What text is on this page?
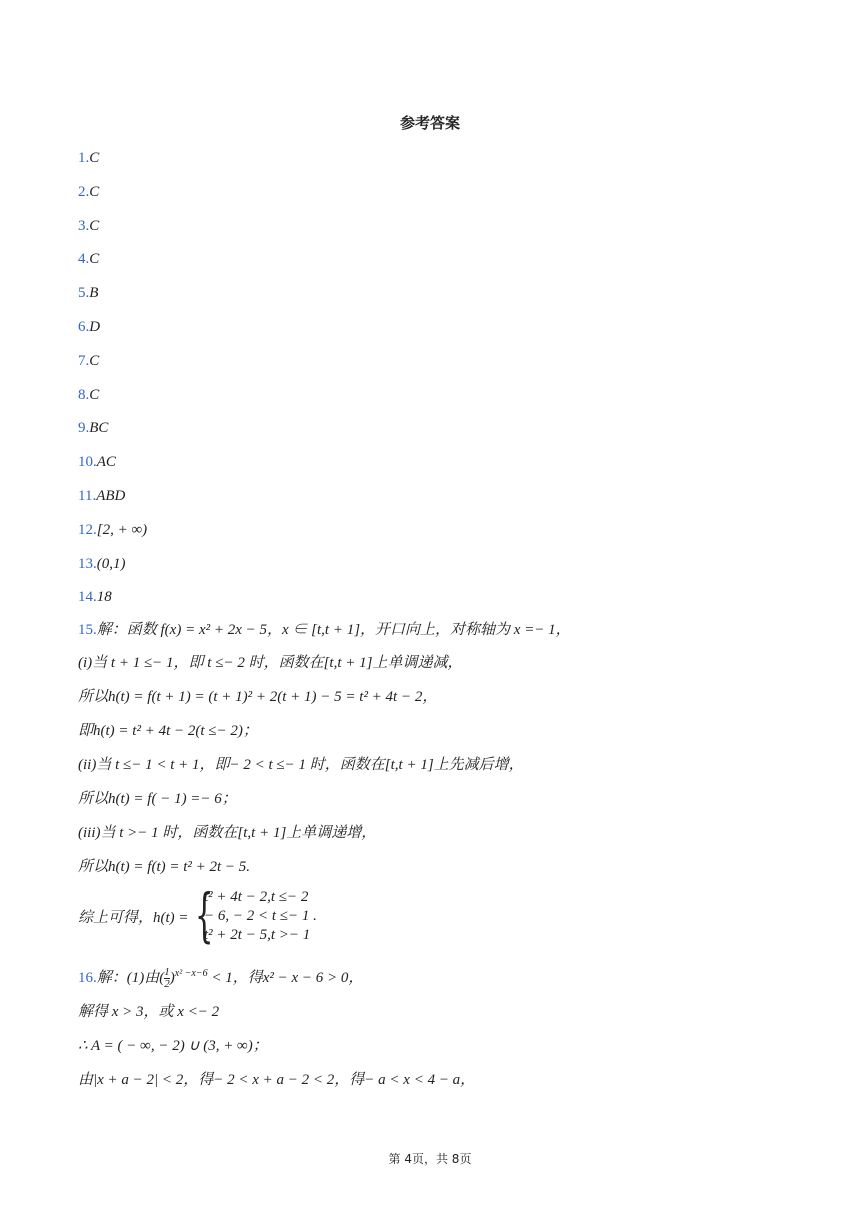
参考答案
1.C
2.C
3.C
4.C
5.B
6.D
7.C
8.C
9.BC
10.AC
11.ABD
12.[2, + ∞)
13.(0,1)
14.18
15.解：函数 f(x) = x² + 2x − 5，x ∈ [t,t + 1]，开口向上，对称轴为 x =− 1，
(i)当 t + 1 ≤− 1，即 t ≤− 2 时，函数在[t,t + 1]上单调递减，
所以h(t) = f(t + 1) = (t + 1)² + 2(t + 1) − 5 = t² + 4t − 2，
即h(t) = t² + 4t − 2(t ≤− 2)；
(ii)当 t ≤− 1 < t + 1，即− 2 < t ≤− 1 时，函数在[t,t + 1]上先减后增，
所以h(t) = f( − 1) =− 6；
(iii)当 t >− 1 时，函数在[t,t + 1]上单调递增，
所以h(t) = f(t) = t² + 2t − 5.
综上可得，h(t) = {
t² + 4t − 2,t ≤− 2
− 6, − 2 < t ≤− 1 .
t² + 2t − 5,t >− 1
16.解：(1)由( $\frac{1}{2} )^{x^2 -x-6} < 1$，得x² − x − 6 > 0，
解得 x > 3，或 x <− 2
∴ A = ( − ∞, − 2) ∪ (3, + ∞)；
由|x + a − 2| < 2，得− 2 < x + a − 2 < 2，得− a < x < 4 − a，
第 4页，共 8页
